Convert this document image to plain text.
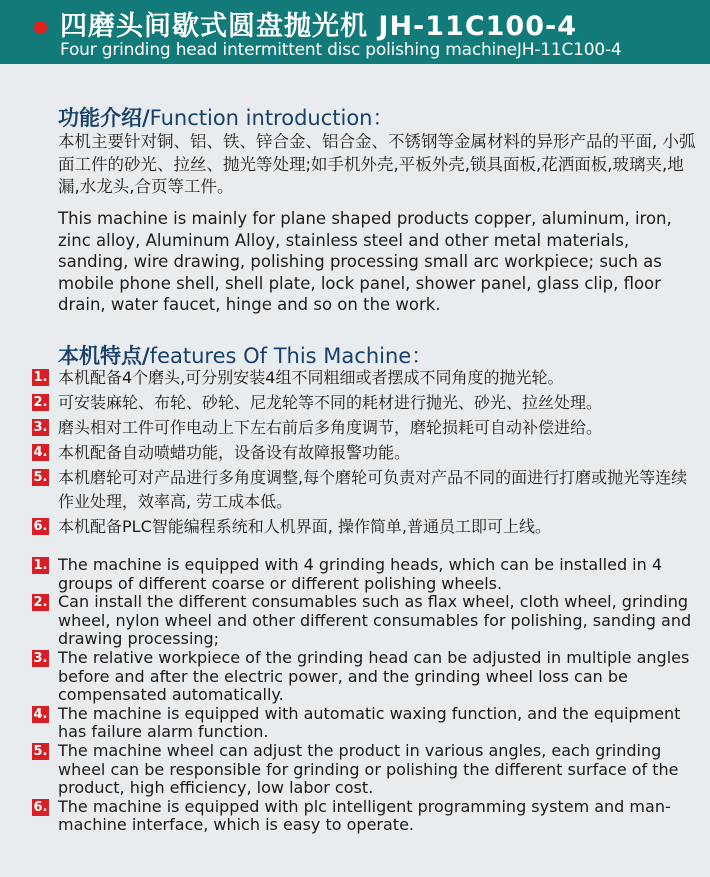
四磨头间歇式圆盘抛光机 JH-11C100-4
Four grinding head intermittent disc polishing machineJH-11C100-4
功能介绍/Function introduction：

本机主要针对铜、铝、铁、锌合金、铝合金、不锈钢等金属材料的异形产品的平面, 小弧面工件的砂光、拉丝、抛光等处理;如手机外壳,平板外壳,锁具面板,花洒面板,玻璃夹,地漏,水龙头,合页等工件。

This machine is mainly for plane shaped products copper, aluminum, iron, zinc alloy, Aluminum Alloy, stainless steel and other metal materials, sanding, wire drawing, polishing processing small arc workpiece; such as mobile phone shell, shell plate, lock panel, shower panel, glass clip, floor drain, water faucet, hinge and so on the work.

本机特点/features Of This Machine：
1. 本机配备4个磨头,可分别安装4组不同粗细或者摆成不同角度的抛光轮。
2. 可安装麻轮、布轮、砂轮、尼龙轮等不同的耗材进行抛光、砂光、拉丝处理。
3. 磨头相对工件可作电动上下左右前后多角度调节，磨轮损耗可自动补偿进给。
4. 本机配备自动喷蜡功能，设备设有故障报警功能。
5. 本机磨轮可对产品进行多角度调整,每个磨轮可负责对产品不同的面进行打磨或抛光等连续作业处理，效率高, 劳工成本低。
6. 本机配备PLC智能编程系统和人机界面, 操作简单,普通员工即可上线。
1. The machine is equipped with 4 grinding heads, which can be installed in 4 groups of different coarse or different polishing wheels.
2. Can install the different consumables such as flax wheel, cloth wheel, grinding wheel, nylon wheel and other different consumables for polishing, sanding and drawing processing;
3. The relative workpiece of the grinding head can be adjusted in multiple angles before and after the electric power, and the grinding wheel loss can be compensated automatically.
4. The machine is equipped with automatic waxing function, and the equipment has failure alarm function.
5. The machine wheel can adjust the product in various angles, each grinding wheel can be responsible for grinding or polishing the different surface of the product, high efficiency, low labor cost.
6. The machine is equipped with plc intelligent programming system and man-machine interface, which is easy to operate.
